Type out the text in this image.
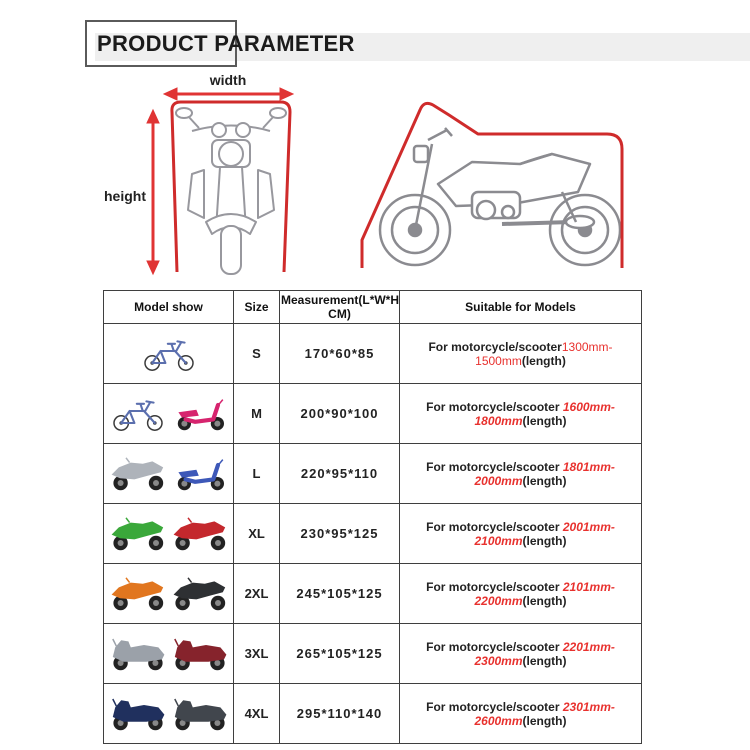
PRODUCT PARAMETER
width
height
Model show	Size	Measurement(L*W*H CM)	Suitable for Models

	S	170*60*85	For motorcycle/scooter1300mm-1500mm(length)

	M	200*90*100	For motorcycle/scooter 1600mm-1800mm(length)

	L	220*95*110	For motorcycle/scooter 1801mm-2000mm(length)

	XL	230*95*125	For motorcycle/scooter 2001mm-2100mm(length)

	2XL	245*105*125	For motorcycle/scooter 2101mm-2200mm(length)

	3XL	265*105*125	For motorcycle/scooter 2201mm-2300mm(length)

	4XL	295*110*140	For motorcycle/scooter 2301mm-2600mm(length)
